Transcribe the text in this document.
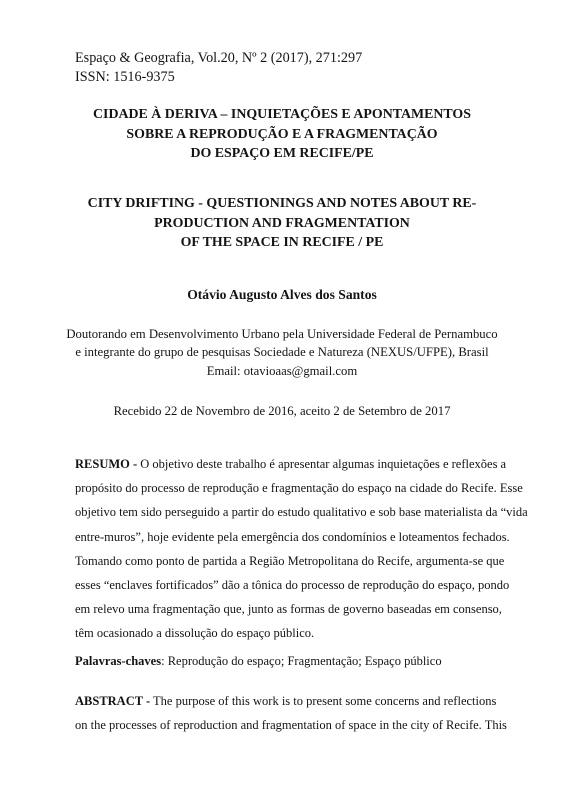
Espaço & Geografia, Vol.20, Nº 2 (2017), 271:297
ISSN: 1516-9375
CIDADE À DERIVA – INQUIETAÇÕES E APONTAMENTOS
SOBRE A REPRODUÇÃO E A FRAGMENTAÇÃO
DO ESPAÇO EM RECIFE/PE
CITY DRIFTING - QUESTIONINGS AND NOTES ABOUT RE-
PRODUCTION AND FRAGMENTATION
OF THE SPACE IN RECIFE / PE
Otávio Augusto Alves dos Santos
Doutorando em Desenvolvimento Urbano pela Universidade Federal de Pernambuco
e integrante do grupo de pesquisas Sociedade e Natureza (NEXUS/UFPE), Brasil
Email: otavioaas@gmail.com
Recebido 22 de Novembro de 2016, aceito 2 de Setembro de 2017
RESUMO - O objetivo deste trabalho é apresentar algumas inquietações e reflexões a
propósito do processo de reprodução e fragmentação do espaço na cidade do Recife. Esse
objetivo tem sido perseguido a partir do estudo qualitativo e sob base materialista da “vida
entre-muros”, hoje evidente pela emergência dos condomínios e loteamentos fechados.
Tomando como ponto de partida a Região Metropolitana do Recife, argumenta-se que
esses “enclaves fortificados” dão a tônica do processo de reprodução do espaço, pondo
em relevo uma fragmentação que, junto as formas de governo baseadas em consenso,
têm ocasionado a dissolução do espaço público.
Palavras-chaves: Reprodução do espaço; Fragmentação; Espaço público
ABSTRACT - The purpose of this work is to present some concerns and reflections
on the processes of reproduction and fragmentation of space in the city of Recife. This
